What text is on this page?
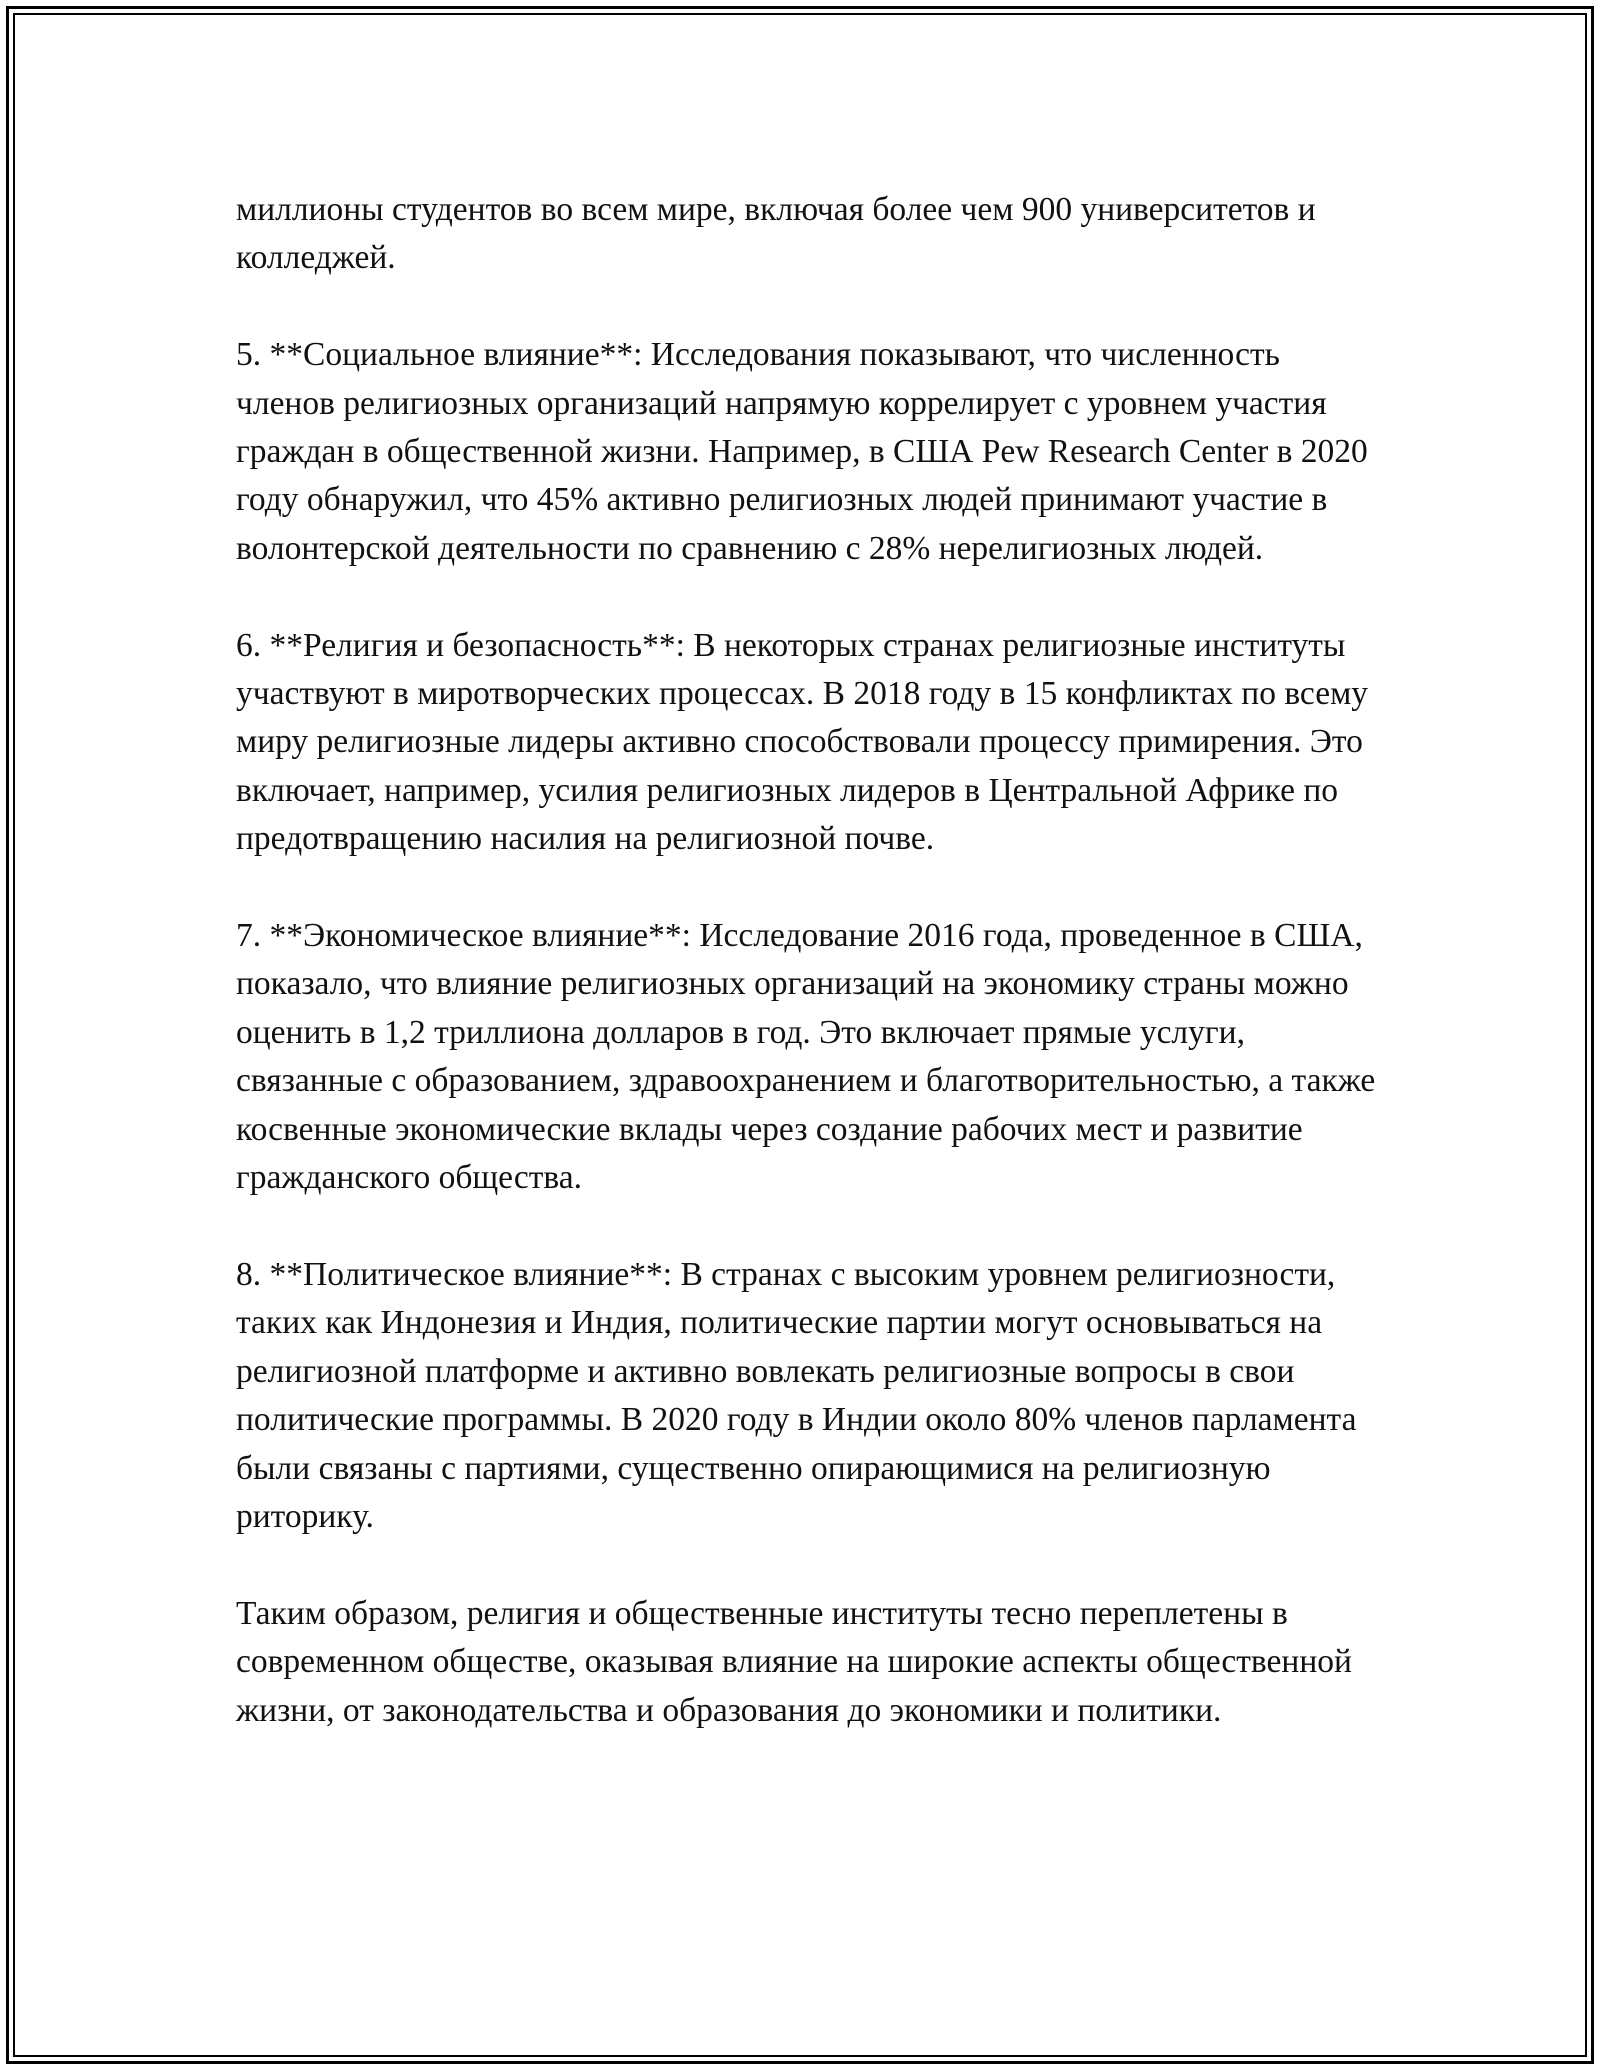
миллионы студентов во всем мире, включая более чем 900 университетов и колледжей.

5. **Социальное влияние**: Исследования показывают, что численность членов религиозных организаций напрямую коррелирует с уровнем участия граждан в общественной жизни. Например, в США Pew Research Center в 2020 году обнаружил, что 45% активно религиозных людей принимают участие в волонтерской деятельности по сравнению с 28% нерелигиозных людей.

6. **Религия и безопасность**: В некоторых странах религиозные институты участвуют в миротворческих процессах. В 2018 году в 15 конфликтах по всему миру религиозные лидеры активно способствовали процессу примирения. Это включает, например, усилия религиозных лидеров в Центральной Африке по предотвращению насилия на религиозной почве.

7. **Экономическое влияние**: Исследование 2016 года, проведенное в США, показало, что влияние религиозных организаций на экономику страны можно оценить в 1,2 триллиона долларов в год. Это включает прямые услуги, связанные с образованием, здравоохранением и благотворительностью, а также косвенные экономические вклады через создание рабочих мест и развитие гражданского общества.

8. **Политическое влияние**: В странах с высоким уровнем религиозности, таких как Индонезия и Индия, политические партии могут основываться на религиозной платформе и активно вовлекать религиозные вопросы в свои политические программы. В 2020 году в Индии около 80% членов парламента были связаны с партиями, существенно опирающимися на религиозную риторику.

Таким образом, религия и общественные институты тесно переплетены в современном обществе, оказывая влияние на широкие аспекты общественной жизни, от законодательства и образования до экономики и политики.
